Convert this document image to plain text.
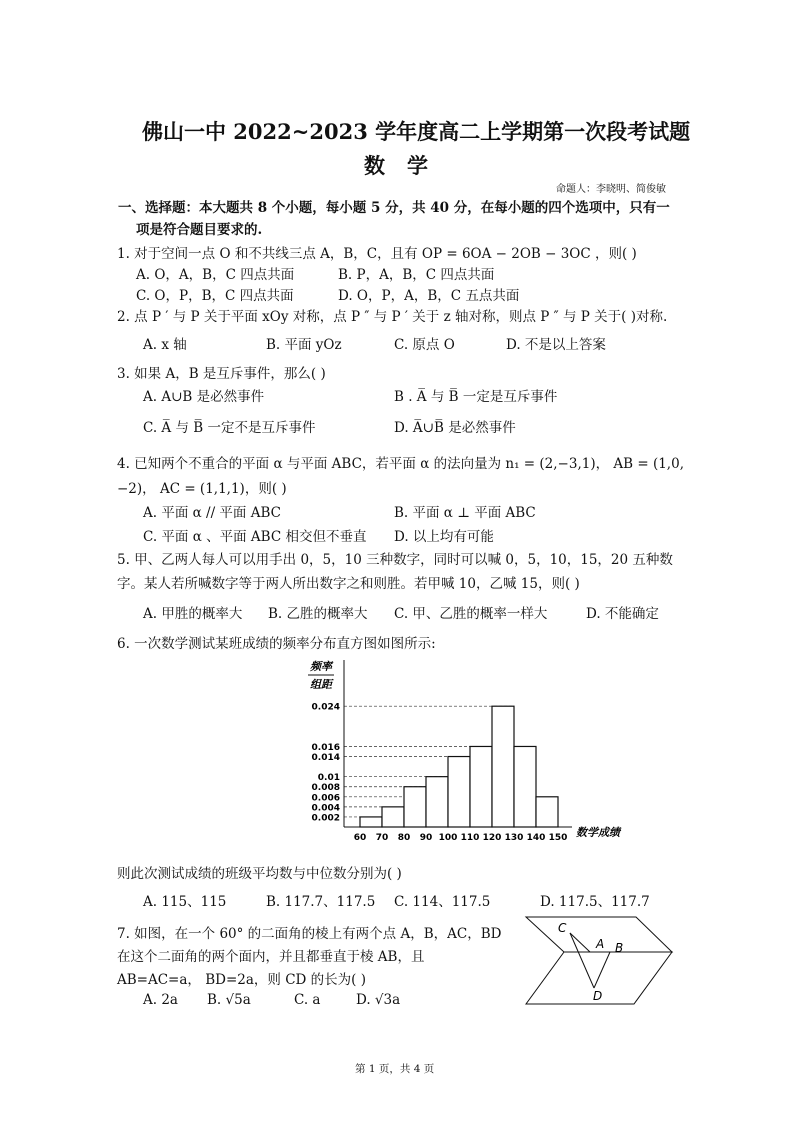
佛山一中 2022~2023 学年度高二上学期第一次段考试题
数学
命题人：李晓明、简俊敏
一、选择题：本大题共 8 个小题，每小题 5 分，共 40 分，在每小题的四个选项中，只有一
项是符合题目要求的.
1. 对于空间一点 O 和不共线三点 A，B，C，且有 OP = 6OA − 2OB − 3OC ，则( )
A. O，A，B，C 四点共面	B. P，A，B，C 四点共面
C. O，P，B，C 四点共面	D. O，P，A，B，C 五点共面
2. 点 P ′ 与 P 关于平面 xOy 对称，点 P ″ 与 P ′ 关于 z 轴对称，则点 P ″ 与 P 关于( )对称.
A. x 轴	B. 平面 yOz	C. 原点 O	D. 不是以上答案
3. 如果 A，B 是互斥事件，那么( )
A. A∪B 是必然事件	B . A̅ 与 B̅ 一定是互斥事件
C. A̅ 与 B̅ 一定不是互斥事件	D. A̅∪B̅ 是必然事件
4. 已知两个不重合的平面 α 与平面 ABC，若平面 α 的法向量为 n₁ = (2,−3,1)， AB = (1,0,
−2)， AC = (1,1,1)，则( )
A. 平面 α // 平面 ABC	B. 平面 α ⊥ 平面 ABC
C. 平面 α 、平面 ABC 相交但不垂直 D. 以上均有可能
5. 甲、乙两人每人可以用手出 0，5，10 三种数字，同时可以喊 0，5，10，15，20 五种数
字。某人若所喊数字等于两人所出数字之和则胜。若甲喊 10，乙喊 15，则( )
A. 甲胜的概率大 B. 乙胜的概率大 C. 甲、乙胜的概率一样大	D. 不能确定
6. 一次数学测试某班成绩的频率分布直方图如图所示:
频率
组距
0.002
0.004
0.006
0.008
0.01
0.014
0.016
0.024
60 70 80 90 100 110 120 130 140 150 数学成绩
则此次测试成绩的班级平均数与中位数分别为( )
A. 115、115	B. 117.7、117.5 C. 114、117.5	D. 117.5、117.7
7. 如图，在一个 60° 的二面角的棱上有两个点 A，B，AC，BD
在这个二面角的两个面内，并且都垂直于棱 AB，且
AB=AC=a， BD=2a，则 CD 的长为( )
A. 2a B. √5a	C. a	D. √3a
C
A B
D
第 1 页，共 4 页
